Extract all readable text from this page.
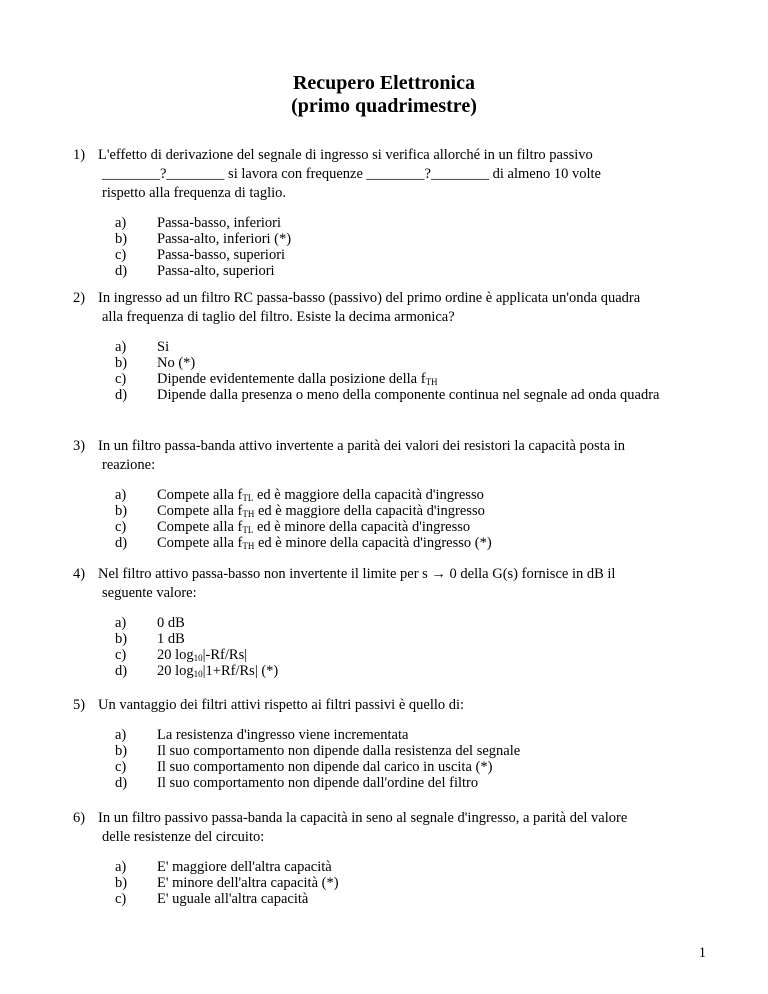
Recupero Elettronica
(primo quadrimestre)
1) L'effetto di derivazione del segnale di ingresso si verifica allorché in un filtro passivo
________?________ si lavora con frequenze ________?________ di almeno 10 volte
rispetto alla frequenza di taglio.
a)	Passa-basso, inferiori
b)	Passa-alto, inferiori (*)
c)	Passa-basso, superiori
d)	Passa-alto, superiori
2) In ingresso ad un filtro RC passa-basso (passivo) del primo ordine è applicata un'onda quadra
alla frequenza di taglio del filtro. Esiste la decima armonica?
a)	Si
b)	No (*)
c)	Dipende evidentemente dalla posizione della $f_{TH}$
d)	Dipende dalla presenza o meno della componente continua nel segnale ad onda quadra
3) In un filtro passa-banda attivo invertente a parità dei valori dei resistori la capacità posta in
reazione:
a)	Compete alla $f_{TL}$ ed è maggiore della capacità d'ingresso
b)	Compete alla $f_{TH}$ ed è maggiore della capacità d'ingresso
c)	Compete alla $f_{TL}$ ed è minore della capacità d'ingresso
d)	Compete alla $f_{TH}$ ed è minore della capacità d'ingresso (*)
4) Nel filtro attivo passa-basso non invertente il limite per s → 0 della G(s) fornisce in dB il
seguente valore:
a)	0 dB
b)	1 dB
c)	20 $\log_{10}|-Rf/Rs|$
d)	20 $\log_{10}|1+Rf/Rs|$ (*)
5) Un vantaggio dei filtri attivi rispetto ai filtri passivi è quello di:
a)	La resistenza d'ingresso viene incrementata
b)	Il suo comportamento non dipende dalla resistenza del segnale
c)	Il suo comportamento non dipende dal carico in uscita (*)
d)	Il suo comportamento non dipende dall'ordine del filtro
6) In un filtro passivo passa-banda la capacità in seno al segnale d'ingresso, a parità del valore
delle resistenze del circuito:
a)	E' maggiore dell'altra capacità
b)	E' minore dell'altra capacità (*)
c)	E' uguale all'altra capacità
1
